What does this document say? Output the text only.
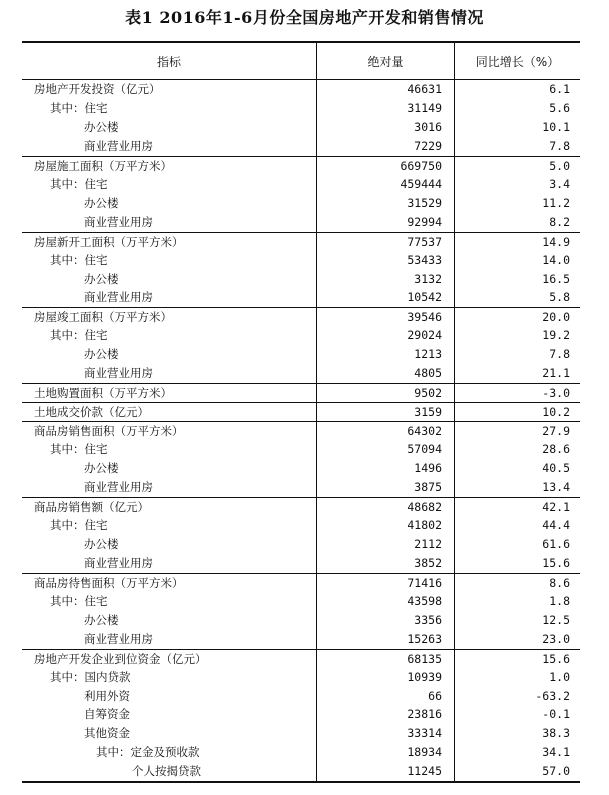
表1 2016年1-6月份全国房地产开发和销售情况
指标	绝对量	同比增长（%）
房地产开发投资（亿元）	46631	6.1
其中：住宅	31149	5.6
办公楼	3016	10.1
商业营业用房	7229	7.8
房屋施工面积（万平方米）	669750	5.0
其中：住宅	459444	3.4
办公楼	31529	11.2
商业营业用房	92994	8.2
房屋新开工面积（万平方米）	77537	14.9
其中：住宅	53433	14.0
办公楼	3132	16.5
商业营业用房	10542	5.8
房屋竣工面积（万平方米）	39546	20.0
其中：住宅	29024	19.2
办公楼	1213	7.8
商业营业用房	4805	21.1
土地购置面积（万平方米）	9502	-3.0
土地成交价款（亿元）	3159	10.2
商品房销售面积（万平方米）	64302	27.9
其中：住宅	57094	28.6
办公楼	1496	40.5
商业营业用房	3875	13.4
商品房销售额（亿元）	48682	42.1
其中：住宅	41802	44.4
办公楼	2112	61.6
商业营业用房	3852	15.6
商品房待售面积（万平方米）	71416	8.6
其中：住宅	43598	1.8
办公楼	3356	12.5
商业营业用房	15263	23.0
房地产开发企业到位资金（亿元）	68135	15.6
其中：国内贷款	10939	1.0
利用外资	66	-63.2
自筹资金	23816	-0.1
其他资金	33314	38.3
其中：定金及预收款	18934	34.1
个人按揭贷款	11245	57.0
